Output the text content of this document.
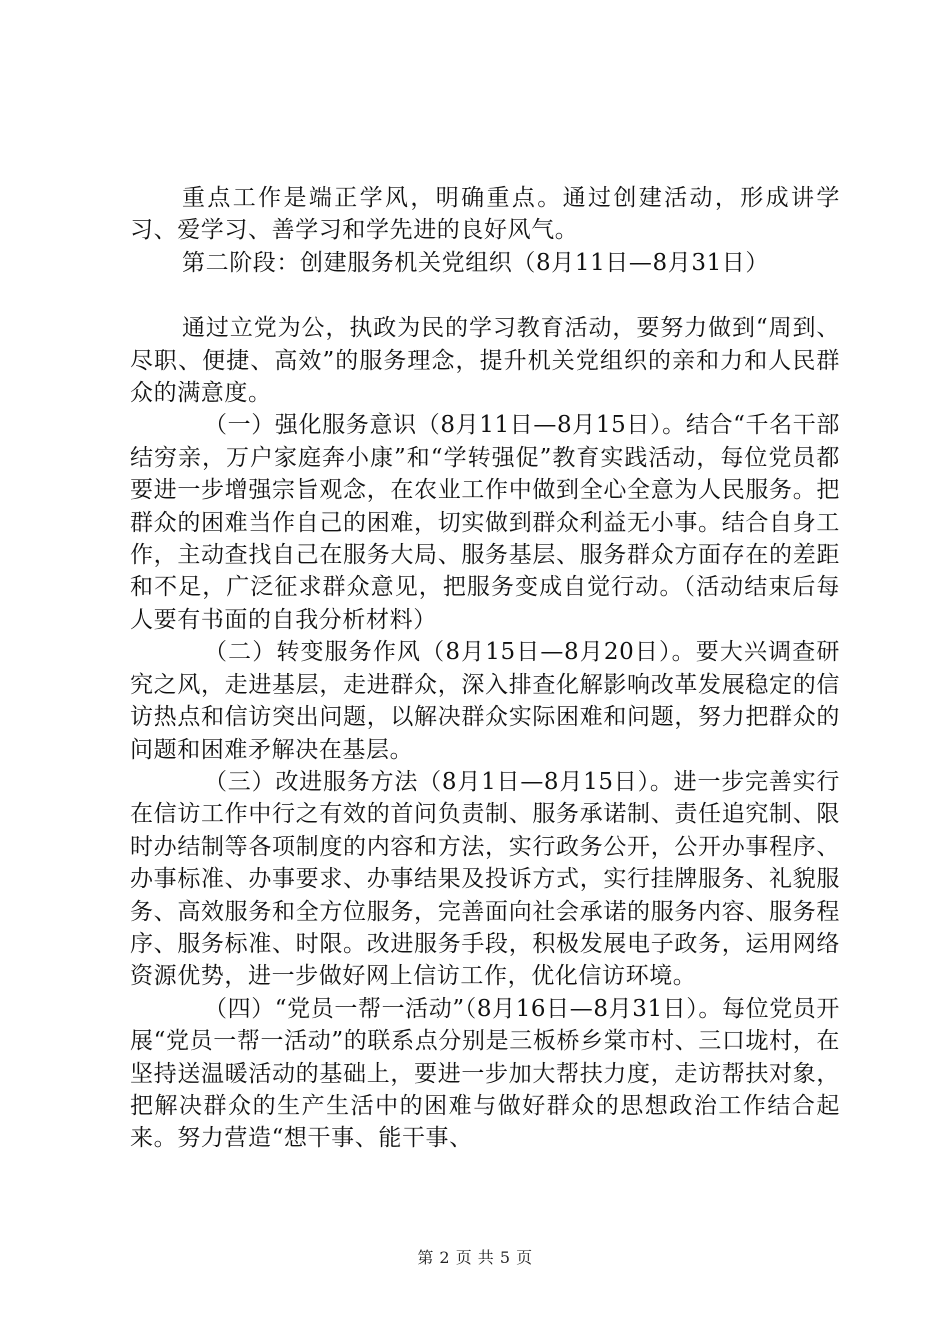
重点工作是端正学风，明确重点。通过创建活动，形成讲学习、爱学习、善学习和学先进的良好风气。

第二阶段：创建服务机关党组织（8月11日—8月31日）

通过立党为公，执政为民的学习教育活动，要努力做到“周到、尽职、便捷、高效”的服务理念，提升机关党组织的亲和力和人民群众的满意度。

（一）强化服务意识（8月11日—8月15日）。结合“千名干部结穷亲，万户家庭奔小康”和“学转强促”教育实践活动，每位党员都要进一步增强宗旨观念，在农业工作中做到全心全意为人民服务。把群众的困难当作自己的困难，切实做到群众利益无小事。结合自身工作，主动查找自己在服务大局、服务基层、服务群众方面存在的差距和不足，广泛征求群众意见，把服务变成自觉行动。（活动结束后每人要有书面的自我分析材料）

（二）转变服务作风（8月15日—8月20日）。要大兴调查研究之风，走进基层，走进群众，深入排查化解影响改革发展稳定的信访热点和信访突出问题，以解决群众实际困难和问题，努力把群众的问题和困难矛解决在基层。

（三）改进服务方法（8月1日—8月15日）。进一步完善实行在信访工作中行之有效的首问负责制、服务承诺制、责任追究制、限时办结制等各项制度的内容和方法，实行政务公开，公开办事程序、办事标准、办事要求、办事结果及投诉方式，实行挂牌服务、礼貌服务、高效服务和全方位服务，完善面向社会承诺的服务内容、服务程序、服务标准、时限。改进服务手段，积极发展电子政务，运用网络资源优势，进一步做好网上信访工作，优化信访环境。

（四）“党员一帮一活动”（8月16日—8月31日）。每位党员开展“党员一帮一活动”的联系点分别是三板桥乡棠市村、三口垅村，在坚持送温暖活动的基础上，要进一步加大帮扶力度，走访帮扶对象，把解决群众的生产生活中的困难与做好群众的思想政治工作结合起来。努力营造“想干事、能干事、

第 2 页 共 5 页
